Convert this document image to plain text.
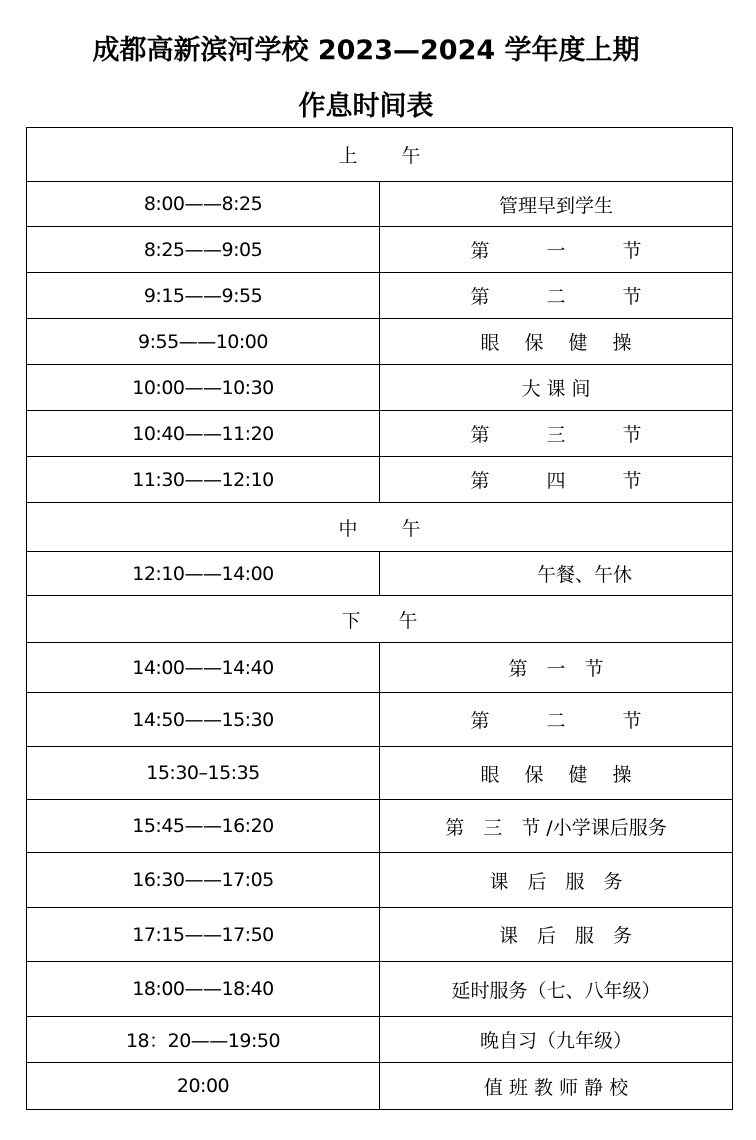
成都高新滨河学校 2023—2024 学年度上期
作息时间表
上　　 午	
8:00——8:25	管理早到学生
8:25——9:05	第　　　一　　　节
9:15——9:55	第　　　二　　　节
9:55——10:00	眼　 保　 健　 操
10:00——10:30	大 课 间
10:40——11:20	第　　　三　　　节
11:30——12:10	第　　　四　　　节
中　　 午	
12:10——14:00	　　　午餐、午休
下　　午	
14:00——14:40	第　一　节
14:50——15:30	第　　　二　　　节
15:30–15:35	眼　 保　 健　 操
15:45——16:20	第　三　节 /小学课后服务
16:30——17:05	课　后　服　务
17:15——17:50	　课　后　服　务
18:00——18:40	延时服务（七、八年级）
18：20——19:50	晚自习（九年级）
20:00	值 班 教 师 静 校
